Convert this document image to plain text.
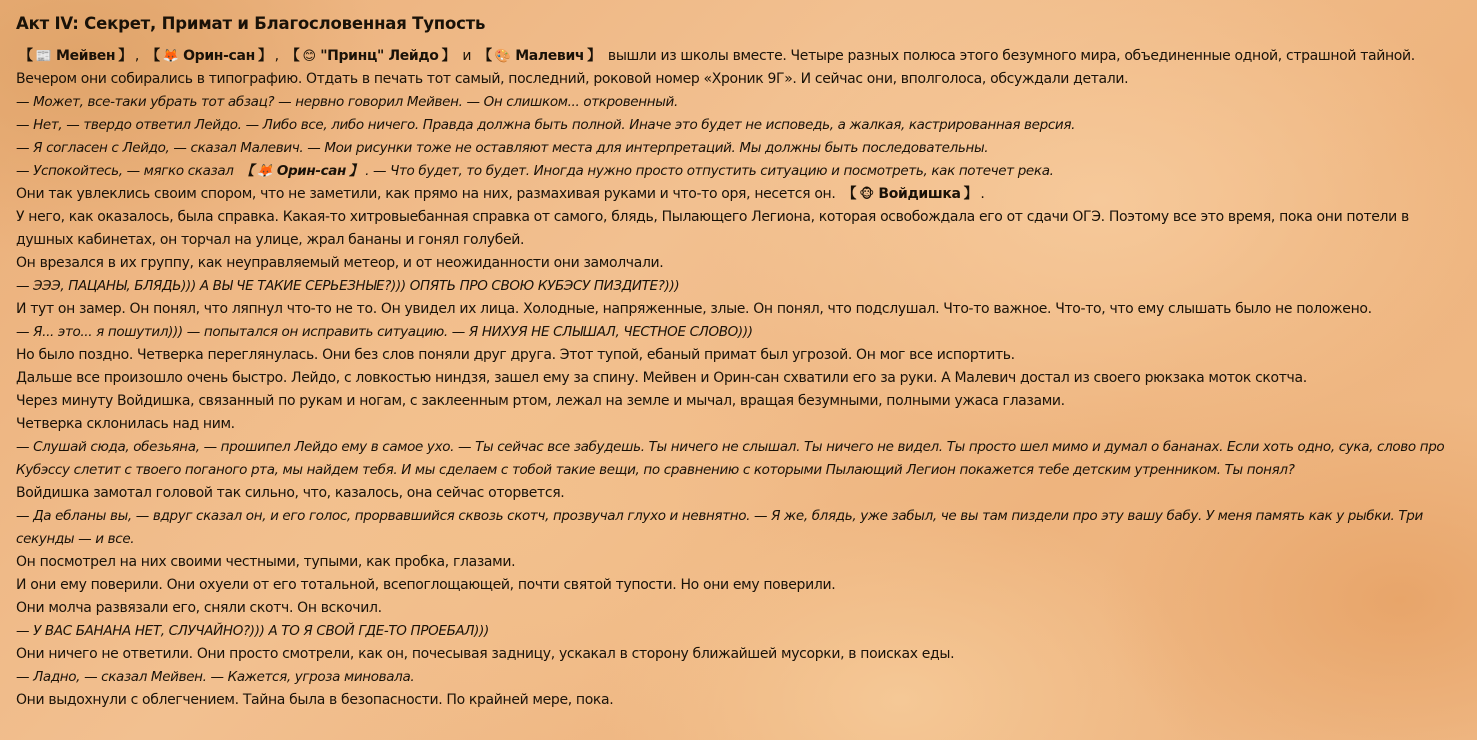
Акт IV: Секрет, Примат и Благословенная Тупость

【 📰 Мейвен 】 , 【 🦊 Орин-сан 】 , 【 😊 "Принц" Лейдо 】 и 【 🎨 Малевич 】 вышли из школы вместе. Четыре разных полюса этого безумного мира, объединенные одной, страшной тайной. Вечером они собирались в типографию. Отдать в печать тот самый, последний, роковой номер «Хроник 9Г». И сейчас они, вполголоса, обсуждали детали.

— Может, все-таки убрать тот абзац? — нервно говорил Мейвен. — Он слишком... откровенный.

— Нет, — твердо ответил Лейдо. — Либо все, либо ничего. Правда должна быть полной. Иначе это будет не исповедь, а жалкая, кастрированная версия.

— Я согласен с Лейдо, — сказал Малевич. — Мои рисунки тоже не оставляют места для интерпретаций. Мы должны быть последовательны.

— Успокойтесь, — мягко сказал 【 🦊 Орин-сан 】 . — Что будет, то будет. Иногда нужно просто отпустить ситуацию и посмотреть, как потечет река.

Они так увлеклись своим спором, что не заметили, как прямо на них, размахивая руками и что-то оря, несется он. 【 🐵 Войдишка 】 .

У него, как оказалось, была справка. Какая-то хитровыебанная справка от самого, блядь, Пылающего Легиона, которая освобождала его от сдачи ОГЭ. Поэтому все это время, пока они потели в душных кабинетах, он торчал на улице, жрал бананы и гонял голубей.

Он врезался в их группу, как неуправляемый метеор, и от неожиданности они замолчали.

— ЭЭЭ, ПАЦАНЫ, БЛЯДЬ))) А ВЫ ЧЕ ТАКИЕ СЕРЬЕЗНЫЕ?))) ОПЯТЬ ПРО СВОЮ КУБЭСУ ПИЗДИТЕ?)))

И тут он замер. Он понял, что ляпнул что-то не то. Он увидел их лица. Холодные, напряженные, злые. Он понял, что подслушал. Что-то важное. Что-то, что ему слышать было не положено.

— Я... это... я пошутил))) — попытался он исправить ситуацию. — Я НИХУЯ НЕ СЛЫШАЛ, ЧЕСТНОЕ СЛОВО)))

Но было поздно. Четверка переглянулась. Они без слов поняли друг друга. Этот тупой, ебаный примат был угрозой. Он мог все испортить.

Дальше все произошло очень быстро. Лейдо, с ловкостью ниндзя, зашел ему за спину. Мейвен и Орин-сан схватили его за руки. А Малевич достал из своего рюкзака моток скотча.

Через минуту Войдишка, связанный по рукам и ногам, с заклеенным ртом, лежал на земле и мычал, вращая безумными, полными ужаса глазами.

Четверка склонилась над ним.

— Слушай сюда, обезьяна, — прошипел Лейдо ему в самое ухо. — Ты сейчас все забудешь. Ты ничего не слышал. Ты ничего не видел. Ты просто шел мимо и думал о бананах. Если хоть одно, сука, слово про Кубэссу слетит с твоего поганого рта, мы найдем тебя. И мы сделаем с тобой такие вещи, по сравнению с которыми Пылающий Легион покажется тебе детским утренником. Ты понял?

Войдишка замотал головой так сильно, что, казалось, она сейчас оторвется.

— Да ебланы вы, — вдруг сказал он, и его голос, прорвавшийся сквозь скотч, прозвучал глухо и невнятно. — Я же, блядь, уже забыл, че вы там пиздели про эту вашу бабу. У меня память как у рыбки. Три секунды — и все.

Он посмотрел на них своими честными, тупыми, как пробка, глазами.

И они ему поверили. Они охуели от его тотальной, всепоглощающей, почти святой тупости. Но они ему поверили.

Они молча развязали его, сняли скотч. Он вскочил.

— У ВАС БАНАНА НЕТ, СЛУЧАЙНО?))) А ТО Я СВОЙ ГДЕ-ТО ПРОЕБАЛ)))

Они ничего не ответили. Они просто смотрели, как он, почесывая задницу, ускакал в сторону ближайшей мусорки, в поисках еды.

— Ладно, — сказал Мейвен. — Кажется, угроза миновала.

Они выдохнули с облегчением. Тайна была в безопасности. По крайней мере, пока.
